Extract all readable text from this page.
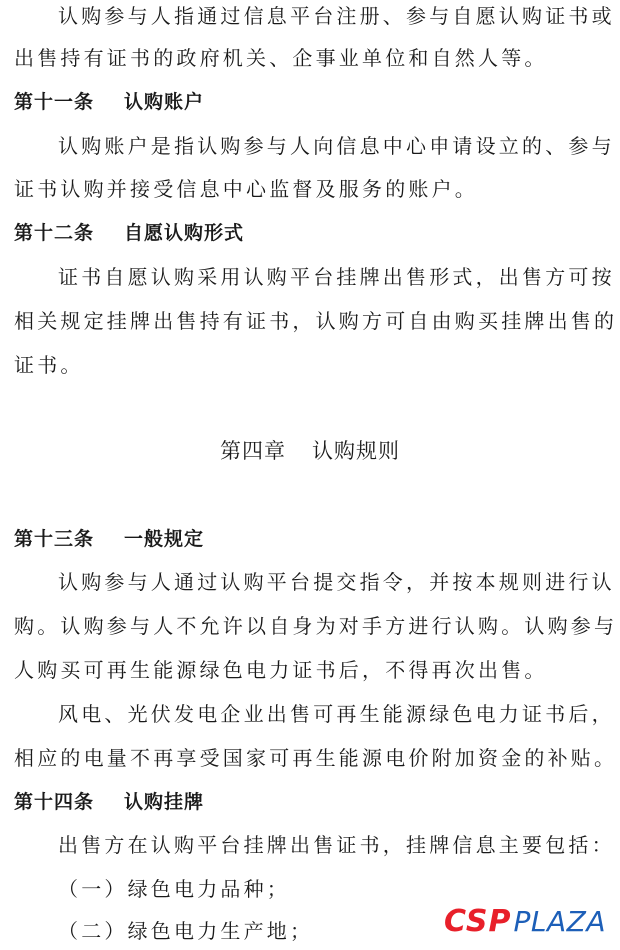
认购参与人指通过信息平台注册、参与自愿认购证书或
出售持有证书的政府机关、企事业单位和自然人等。
第十一条 认购账户
认购账户是指认购参与人向信息中心申请设立的、参与
证书认购并接受信息中心监督及服务的账户。
第十二条 自愿认购形式
证书自愿认购采用认购平台挂牌出售形式，出售方可按
相关规定挂牌出售持有证书，认购方可自由购买挂牌出售的
证书。
第四章 认购规则
第十三条 一般规定
认购参与人通过认购平台提交指令，并按本规则进行认
购。认购参与人不允许以自身为对手方进行认购。认购参与
人购买可再生能源绿色电力证书后，不得再次出售。
风电、光伏发电企业出售可再生能源绿色电力证书后，
相应的电量不再享受国家可再生能源电价附加资金的补贴。
第十四条 认购挂牌
出售方在认购平台挂牌出售证书，挂牌信息主要包括：
（一）绿色电力品种；
（二）绿色电力生产地；	CSP PLAZA
